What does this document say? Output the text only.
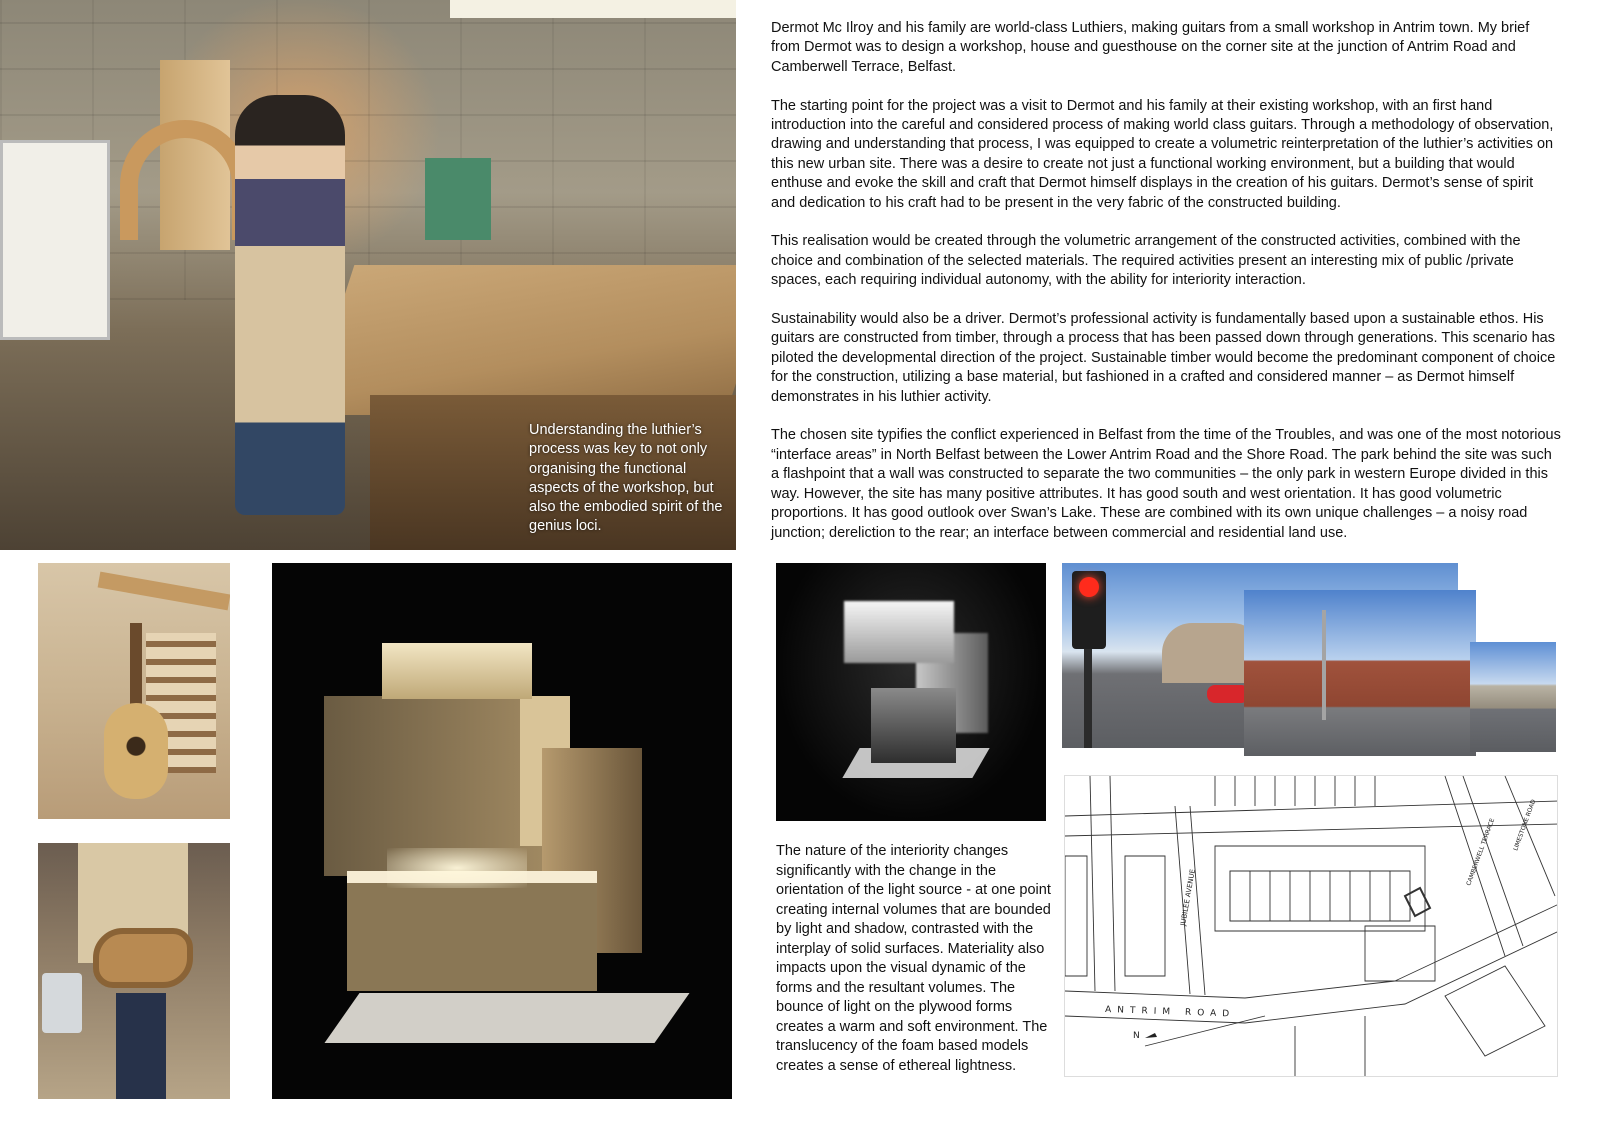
Understanding the luthier’s process was key to not only organising the functional aspects of the workshop, but also the embodied spirit of the genius loci.
ANTRIM ROAD
JUBILEE AVENUE
CAMBERWELL TERRACE	LIMESTONE ROAD
N

Dermot Mc Ilroy and his family are world-class Luthiers, making guitars from a small workshop in Antrim town. My brief from Dermot was to design a workshop, house and guesthouse on the corner site at the junction of Antrim Road and Camberwell Terrace, Belfast.

The starting point for the project was a visit to Dermot and his family at their existing workshop, with an first hand introduction into the careful and considered process of making world class guitars. Through a methodology of observation, drawing and understanding that process, I was equipped to create a volumetric reinterpretation of the luthier’s activities on this new urban site. There was a desire to create not just a functional working environment, but a building that would enthuse and evoke the skill and craft that Dermot himself displays in the creation of his guitars. Dermot’s sense of spirit and dedication to his craft had to be present in the very fabric of the constructed building.

This realisation would be created through the volumetric arrangement of the constructed activities, combined with the choice and combination of the selected materials. The required activities present an interesting mix of public /private spaces, each requiring individual autonomy, with the ability for interiority interaction.

Sustainability would also be a driver. Dermot’s professional activity is fundamentally based upon a sustainable ethos. His guitars are constructed from timber, through a process that has been passed down through generations. This scenario has piloted the developmental direction of the project. Sustainable timber would become the predominant component of choice for the construction, utilizing a base material, but fashioned in a crafted and considered manner – as Dermot himself demonstrates in his luthier activity.

The chosen site typifies the conflict experienced in Belfast from the time of the Troubles, and was one of the most notorious “interface areas” in North Belfast between the Lower Antrim Road and the Shore Road. The park behind the site was such a flashpoint that a wall was constructed to separate the two communities – the only park in western Europe divided in this way. However, the site has many positive attributes. It has good south and west orientation. It has good volumetric proportions. It has good outlook over Swan’s Lake. These are combined with its own unique challenges – a noisy road junction; dereliction to the rear; an interface between commercial and residential land use.

The nature of the interiority changes significantly with the change in the orientation of the light source - at one point creating internal volumes that are bounded by light and shadow, contrasted with the interplay of solid surfaces. Materiality also impacts upon the visual dynamic of the forms and the resultant volumes. The bounce of light on the plywood forms creates a warm and soft environment. The translucency of the foam based models creates a sense of ethereal lightness.
